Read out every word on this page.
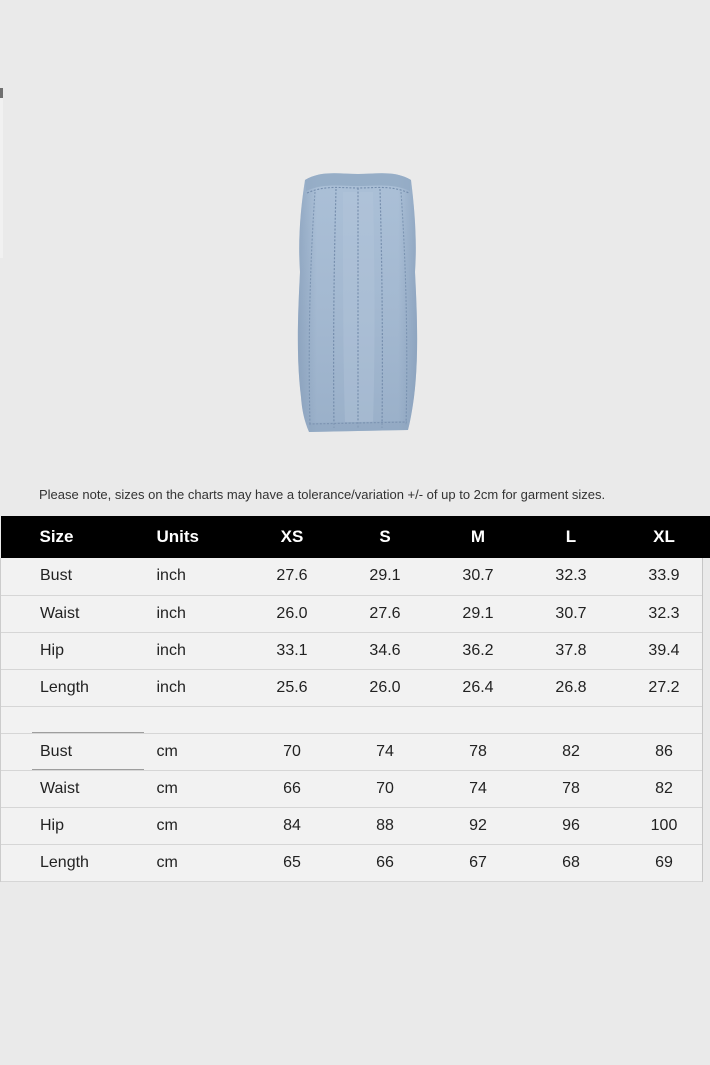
Please note, sizes on the charts may have a tolerance/variation +/- of up to 2cm for garment sizes.
Size	Units	XS	S	M	L	XL
Bust	inch	27.6	29.1	30.7	32.3	33.9
Waist	inch	26.0	27.6	29.1	30.7	32.3
Hip	inch	33.1	34.6	36.2	37.8	39.4
Length	inch	25.6	26.0	26.4	26.8	27.2

Bust	cm	70	74	78	82	86
Waist	cm	66	70	74	78	82
Hip	cm	84	88	92	96	100
Length	cm	65	66	67	68	69
